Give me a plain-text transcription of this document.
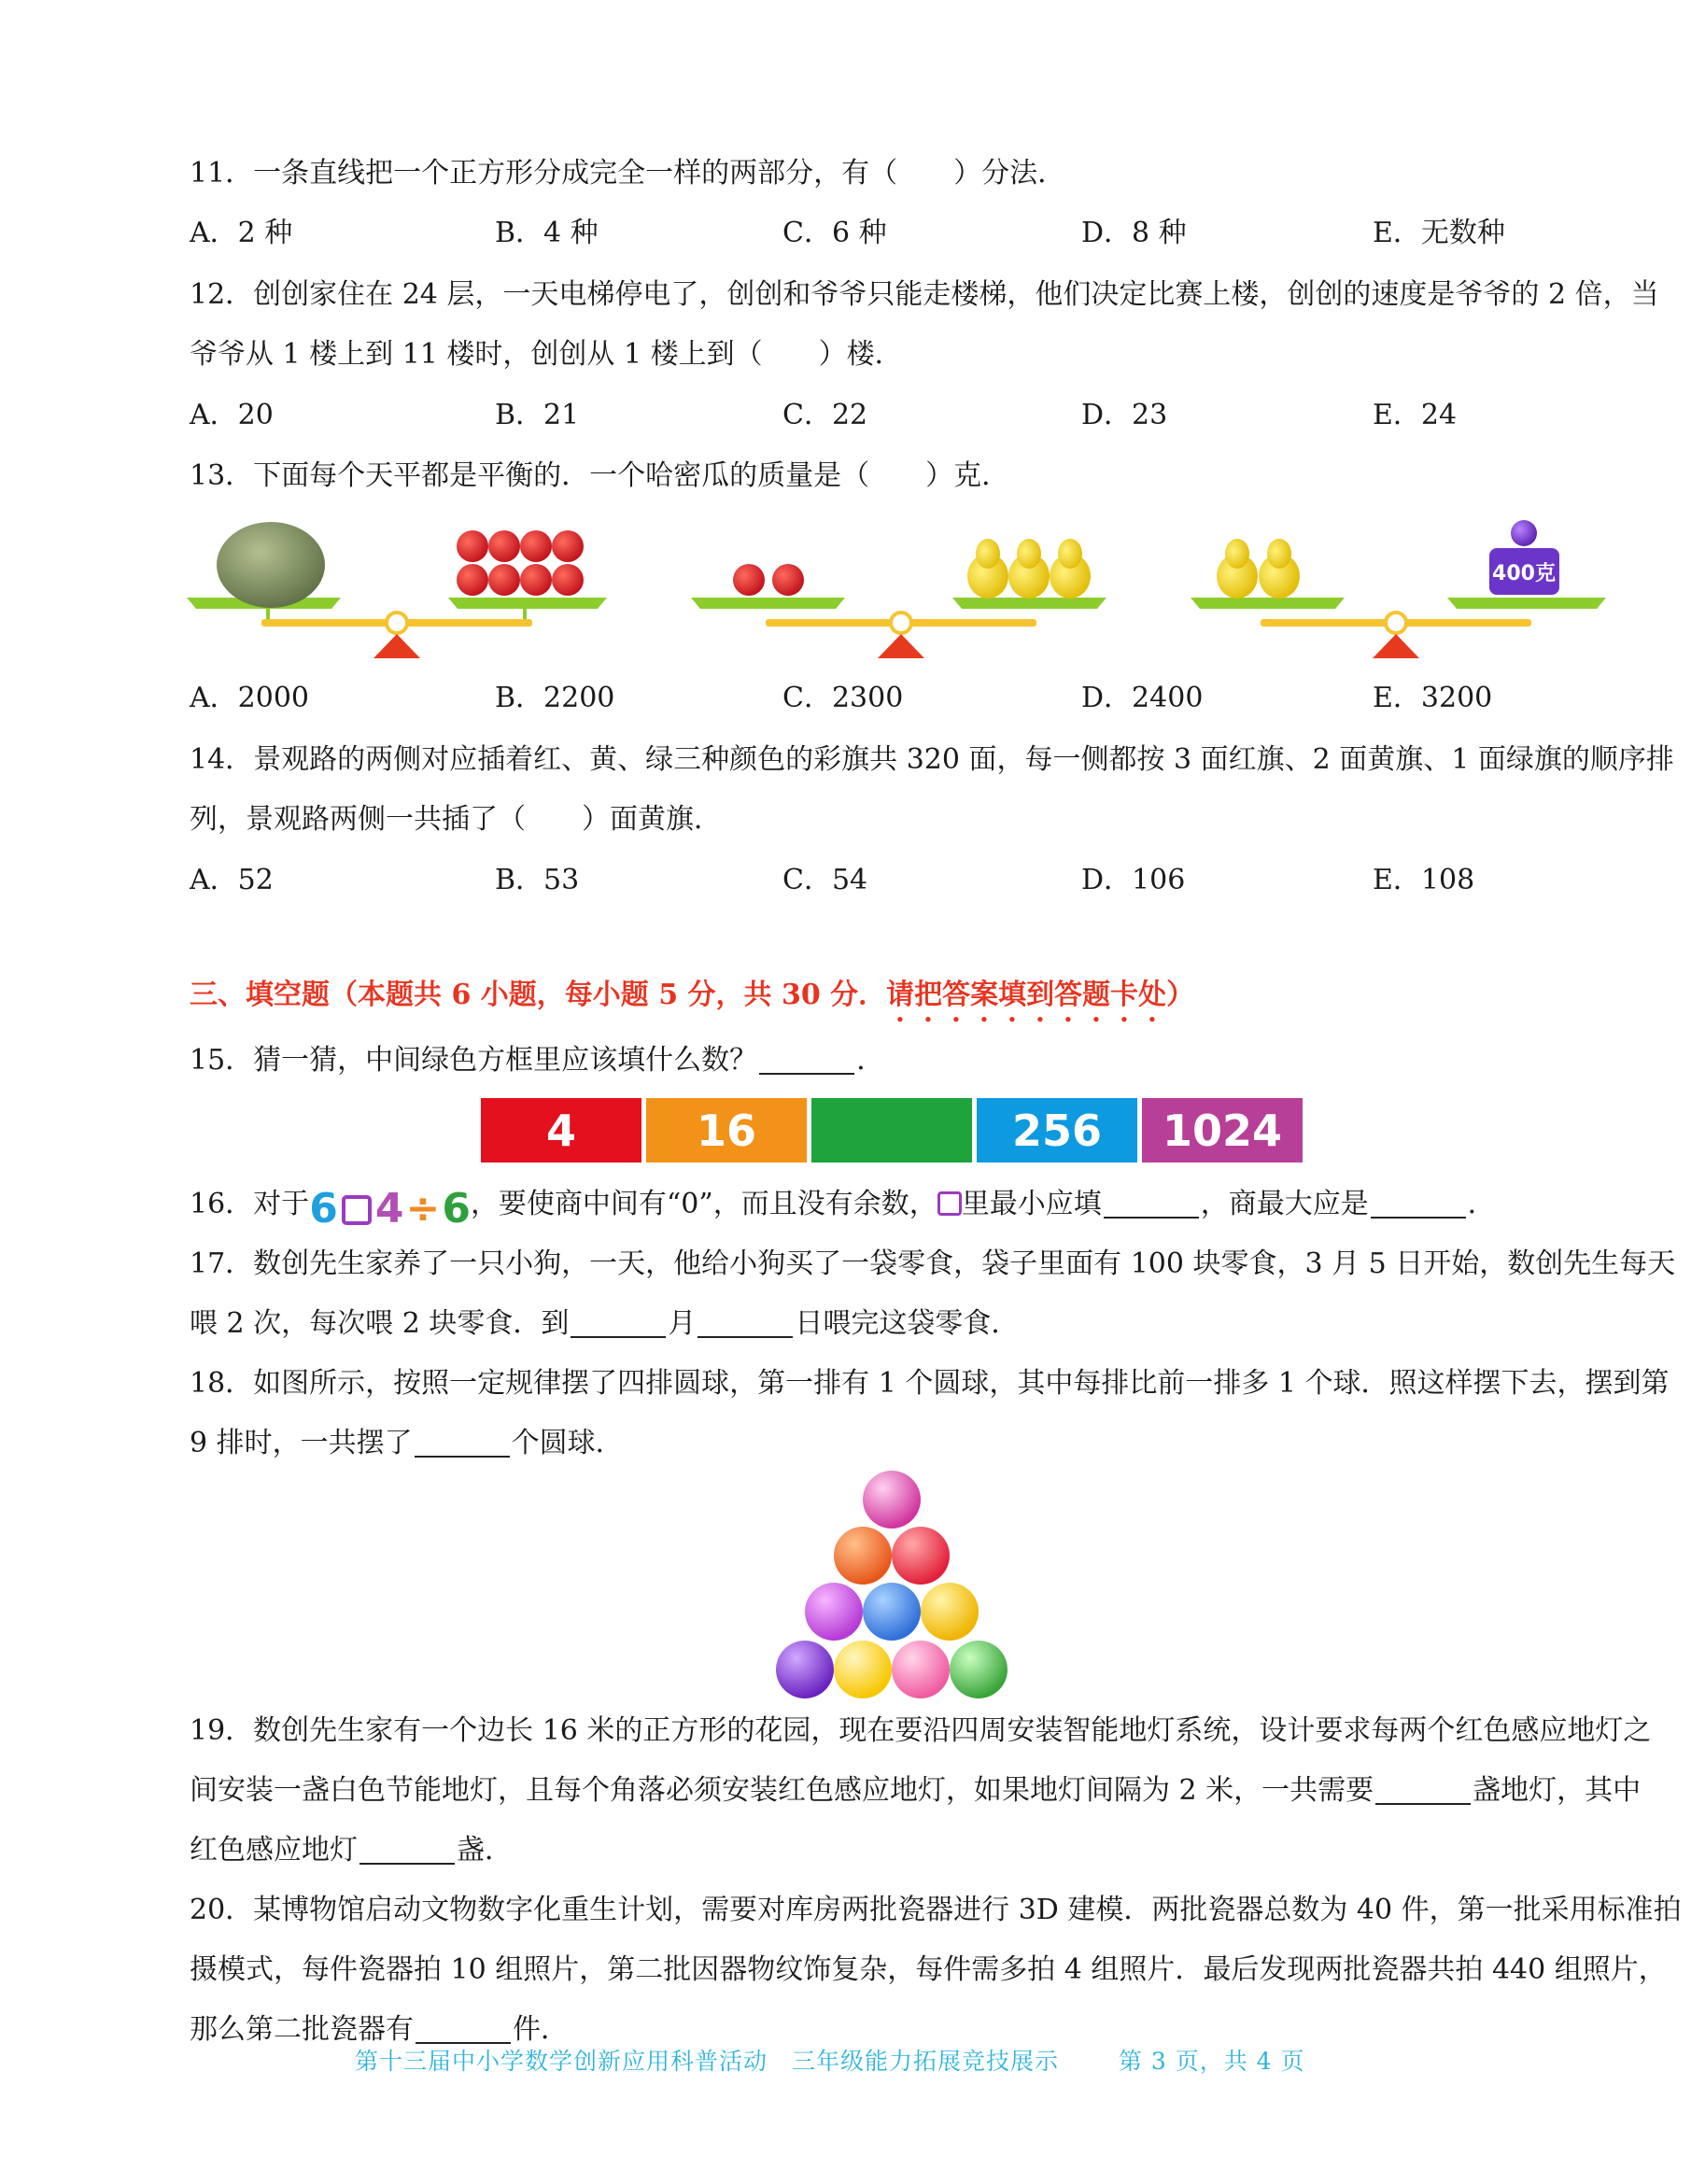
11．一条直线把一个正方形分成完全一样的两部分，有（　　）分法．
A．2 种	B．4 种	C．6 种	D．8 种	E．无数种
12．创创家住在 24 层，一天电梯停电了，创创和爷爷只能走楼梯，他们决定比赛上楼，创创的速度是爷爷的 2 倍，当
爷爷从 1 楼上到 11 楼时，创创从 1 楼上到（　　）楼．
A．20	B．21	C．22	D．23	E．24
13．下面每个天平都是平衡的．一个哈密瓜的质量是（　　）克．
400克
A．2000	B．2200	C．2300	D．2400	E．3200
14．景观路的两侧对应插着红、黄、绿三种颜色的彩旗共 320 面，每一侧都按 3 面红旗、2 面黄旗、1 面绿旗的顺序排
列，景观路两侧一共插了（　　）面黄旗．
A．52	B．53	C．54	D．106	E．108
三、填空题（本题共 6 小题，每小题 5 分，共 30 分．请把答案填到答题卡处）
15．猜一猜，中间绿色方框里应该填什么数？	．
4	16	256 1024
16．对于6 4÷6，要使商中间有“0”，而且没有余数， 里最小应填	，商最大应是	．
17．数创先生家养了一只小狗，一天，他给小狗买了一袋零食，袋子里面有 100 块零食，3 月 5 日开始，数创先生每天
喂 2 次，每次喂 2 块零食．到	月	日喂完这袋零食．
18．如图所示，按照一定规律摆了四排圆球，第一排有 1 个圆球，其中每排比前一排多 1 个球．照这样摆下去，摆到第
9 排时，一共摆了	个圆球．
19．数创先生家有一个边长 16 米的正方形的花园，现在要沿四周安装智能地灯系统，设计要求每两个红色感应地灯之
间安装一盏白色节能地灯，且每个角落必须安装红色感应地灯，如果地灯间隔为 2 米，一共需要	盏地灯，其中
红色感应地灯	盏．
20．某博物馆启动文物数字化重生计划，需要对库房两批瓷器进行 3D 建模．两批瓷器总数为 40 件，第一批采用标准拍
摄模式，每件瓷器拍 10 组照片，第二批因器物纹饰复杂，每件需多拍 4 组照片．最后发现两批瓷器共拍 440 组照片，
那么第二批瓷器有	件．
第十三届中小学数学创新应用科普活动　三年级能力拓展竞技展示	第 3 页，共 4 页
